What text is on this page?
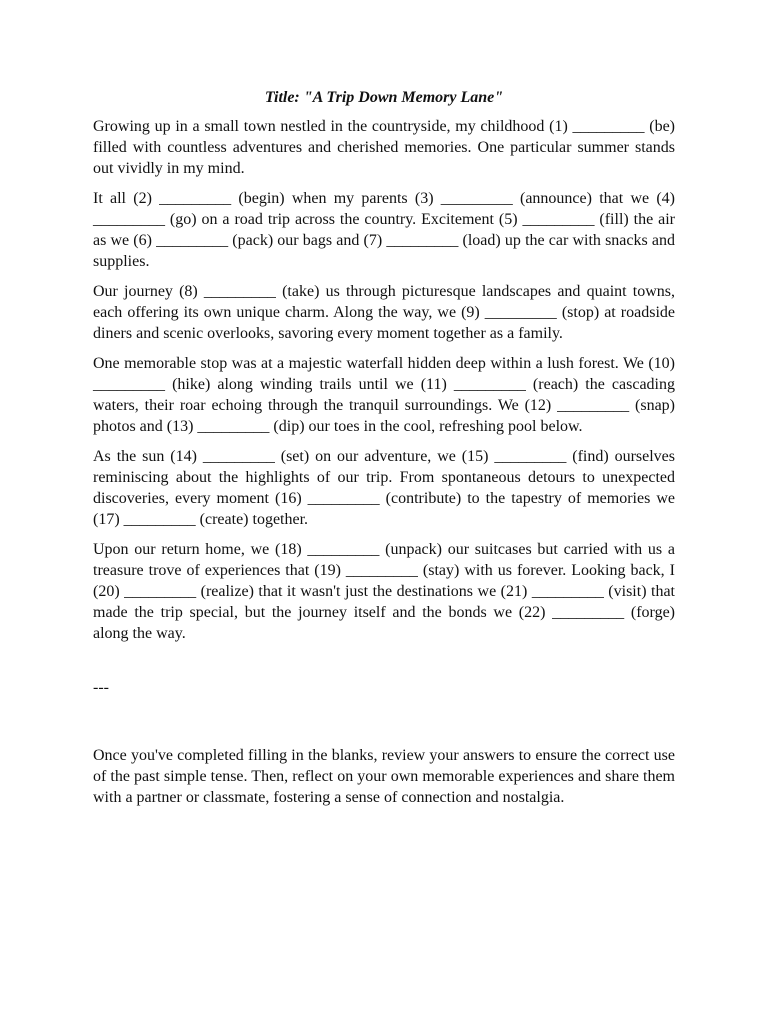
Title: "A Trip Down Memory Lane"

Growing up in a small town nestled in the countryside, my childhood (1) _________ (be) filled with countless adventures and cherished memories. One particular summer stands out vividly in my mind.

It all (2) _________ (begin) when my parents (3) _________ (announce) that we (4) _________ (go) on a road trip across the country. Excitement (5) _________ (fill) the air as we (6) _________ (pack) our bags and (7) _________ (load) up the car with snacks and supplies.

Our journey (8) _________ (take) us through picturesque landscapes and quaint towns, each offering its own unique charm. Along the way, we (9) _________ (stop) at roadside diners and scenic overlooks, savoring every moment together as a family.

One memorable stop was at a majestic waterfall hidden deep within a lush forest. We (10) _________ (hike) along winding trails until we (11) _________ (reach) the cascading waters, their roar echoing through the tranquil surroundings. We (12) _________ (snap) photos and (13) _________ (dip) our toes in the cool, refreshing pool below.

As the sun (14) _________ (set) on our adventure, we (15) _________ (find) ourselves reminiscing about the highlights of our trip. From spontaneous detours to unexpected discoveries, every moment (16) _________ (contribute) to the tapestry of memories we (17) _________ (create) together.

Upon our return home, we (18) _________ (unpack) our suitcases but carried with us a treasure trove of experiences that (19) _________ (stay) with us forever. Looking back, I (20) _________ (realize) that it wasn't just the destinations we (21) _________ (visit) that made the trip special, but the journey itself and the bonds we (22) _________ (forge) along the way.

---

Once you've completed filling in the blanks, review your answers to ensure the correct use of the past simple tense. Then, reflect on your own memorable experiences and share them with a partner or classmate, fostering a sense of connection and nostalgia.
